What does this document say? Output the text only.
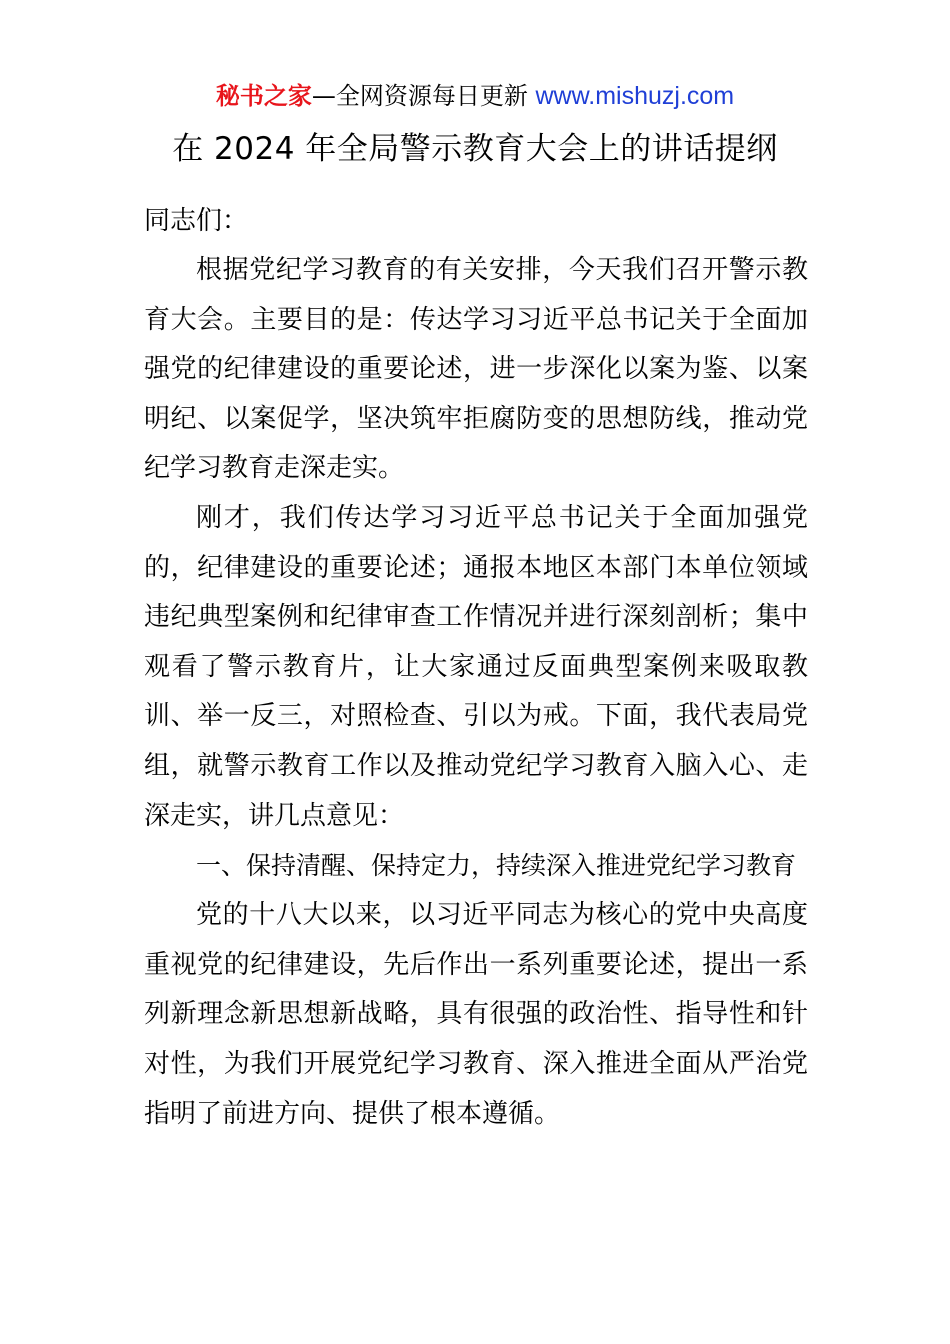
秘书之家—全网资源每日更新 www.mishuzj.com
在 2024 年全局警示教育大会上的讲话提纲

同志们：

根据党纪学习教育的有关安排，今天我们召开警示教育大会。主要目的是：传达学习习近平总书记关于全面加强党的纪律建设的重要论述，进一步深化以案为鉴、以案明纪、以案促学，坚决筑牢拒腐防变的思想防线，推动党纪学习教育走深走实。

刚才，我们传达学习习近平总书记关于全面加强党的，纪律建设的重要论述；通报本地区本部门本单位领域违纪典型案例和纪律审查工作情况并进行深刻剖析；集中观看了警示教育片，让大家通过反面典型案例来吸取教训、举一反三，对照检查、引以为戒。下面，我代表局党组，就警示教育工作以及推动党纪学习教育入脑入心、走深走实，讲几点意见：

一、保持清醒、保持定力，持续深入推进党纪学习教育

党的十八大以来，以习近平同志为核心的党中央高度重视党的纪律建设，先后作出一系列重要论述，提出一系列新理念新思想新战略，具有很强的政治性、指导性和针对性，为我们开展党纪学习教育、深入推进全面从严治党指明了前进方向、提供了根本遵循。
